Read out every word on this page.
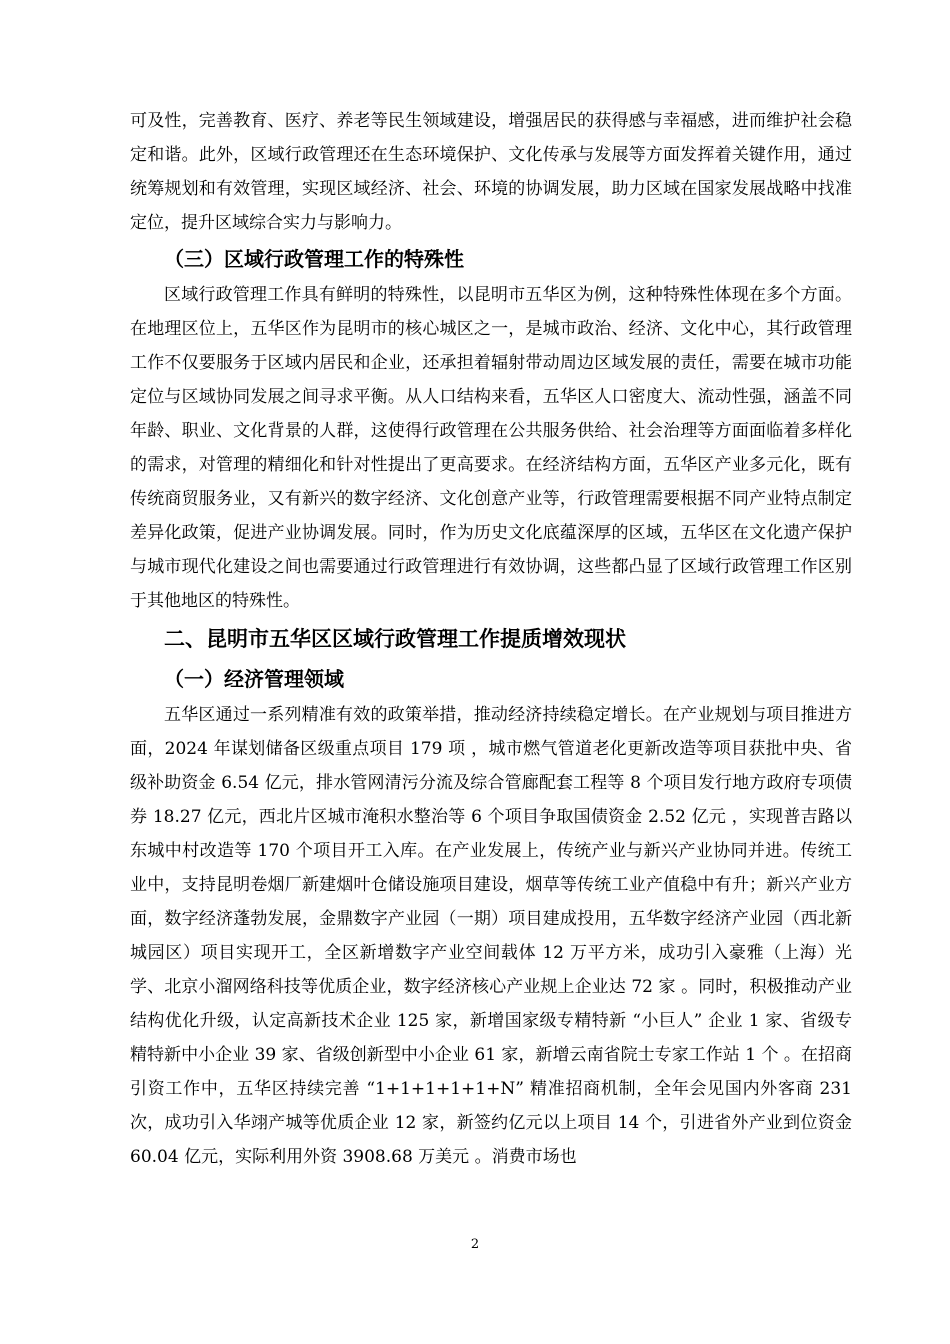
可及性，完善教育、医疗、养老等民生领域建设，增强居民的获得感与幸福感，进而维护社会稳定和谐。此外，区域行政管理还在生态环境保护、文化传承与发展等方面发挥着关键作用，通过统筹规划和有效管理，实现区域经济、社会、环境的协调发展，助力区域在国家发展战略中找准定位，提升区域综合实力与影响力。

（三）区域行政管理工作的特殊性

区域行政管理工作具有鲜明的特殊性，以昆明市五华区为例，这种特殊性体现在多个方面。在地理区位上，五华区作为昆明市的核心城区之一，是城市政治、经济、文化中心，其行政管理工作不仅要服务于区域内居民和企业，还承担着辐射带动周边区域发展的责任，需要在城市功能定位与区域协同发展之间寻求平衡。从人口结构来看，五华区人口密度大、流动性强，涵盖不同年龄、职业、文化背景的人群，这使得行政管理在公共服务供给、社会治理等方面面临着多样化的需求，对管理的精细化和针对性提出了更高要求。在经济结构方面，五华区产业多元化，既有传统商贸服务业，又有新兴的数字经济、文化创意产业等，行政管理需要根据不同产业特点制定差异化政策，促进产业协调发展。同时，作为历史文化底蕴深厚的区域，五华区在文化遗产保护与城市现代化建设之间也需要通过行政管理进行有效协调，这些都凸显了区域行政管理工作区别于其他地区的特殊性。

二、昆明市五华区区域行政管理工作提质增效现状
（一）经济管理领域

五华区通过一系列精准有效的政策举措，推动经济持续稳定增长。在产业规划与项目推进方面，2024 年谋划储备区级重点项目 179 项 ，城市燃气管道老化更新改造等项目获批中央、省级补助资金 6.54 亿元，排水管网清污分流及综合管廊配套工程等 8 个项目发行地方政府专项债券 18.27 亿元，西北片区城市淹积水整治等 6 个项目争取国债资金 2.52 亿元 ，实现普吉路以东城中村改造等 170 个项目开工入库。在产业发展上，传统产业与新兴产业协同并进。传统工业中，支持昆明卷烟厂新建烟叶仓储设施项目建设，烟草等传统工业产值稳中有升；新兴产业方面，数字经济蓬勃发展，金鼎数字产业园（一期）项目建成投用，五华数字经济产业园（西北新城园区）项目实现开工，全区新增数字产业空间载体 12 万平方米，成功引入豪雅（上海）光学、北京小溜网络科技等优质企业，数字经济核心产业规上企业达 72 家 。同时，积极推动产业结构优化升级，认定高新技术企业 125 家，新增国家级专精特新 “小巨人” 企业 1 家、省级专精特新中小企业 39 家、省级创新型中小企业 61 家，新增云南省院士专家工作站 1 个 。在招商引资工作中，五华区持续完善 “1+1+1+1+1+N” 精准招商机制，全年会见国内外客商 231 次，成功引入华翊产城等优质企业 12 家，新签约亿元以上项目 14 个，引进省外产业到位资金 60.04 亿元，实际利用外资 3908.68 万美元 。消费市场也

2
